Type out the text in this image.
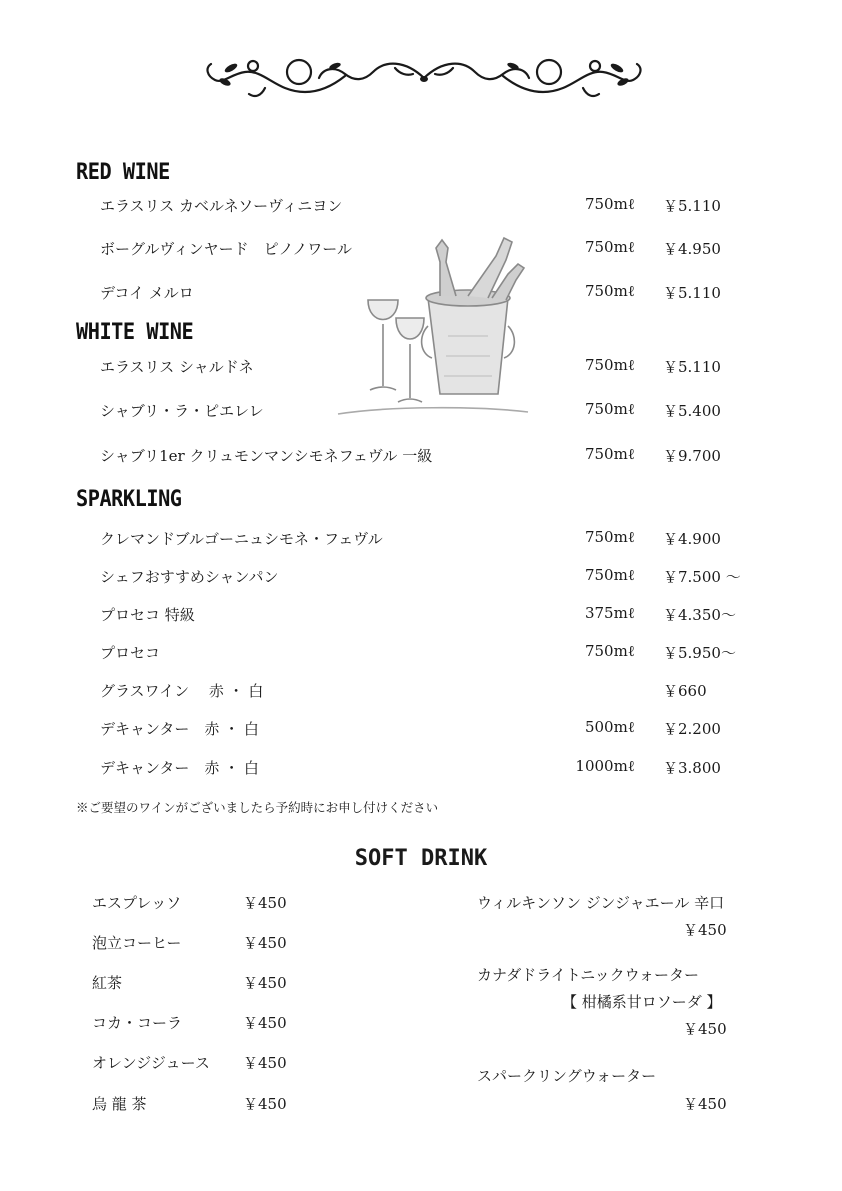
RED WINE
エラスリス カベルネソーヴィニヨン	750mℓ ￥5.110
ボーグルヴィンヤード　ピノノワール	750mℓ ￥4.950
デコイ メルロ	750mℓ ￥5.110
WHITE WINE
エラスリス シャルドネ	750mℓ ￥5.110
シャブリ・ラ・ピエレレ	750mℓ ￥5.400
シャブリ1er クリュモンマンシモネフェヴル 一級	750mℓ ￥9.700
SPARKLING
クレマンドブルゴーニュシモネ・フェヴル	750mℓ ￥4.900
シェフおすすめシャンパン	750mℓ ￥7.500 ～
プロセコ 特級	375mℓ ￥4.350～
プロセコ	750mℓ ￥5.950～
グラスワイン　 赤 ・ 白	￥660
デキャンター　赤 ・ 白	500mℓ ￥2.200
デキャンター　赤 ・ 白	1000mℓ ￥3.800
※ご要望のワインがございましたら予約時にお申し付けください
SOFT DRINK
エスプレッソ	￥450
泡立コーヒー	￥450
紅茶	￥450
コカ・コーラ	￥450
オレンジジュース ￥450
烏 龍 茶	￥450
ウィルキンソン ジンジャエール 辛口
￥450
カナダドライトニックウォーター
【 柑橘系甘ロソーダ 】
￥450
スパークリングウォーター
￥450
